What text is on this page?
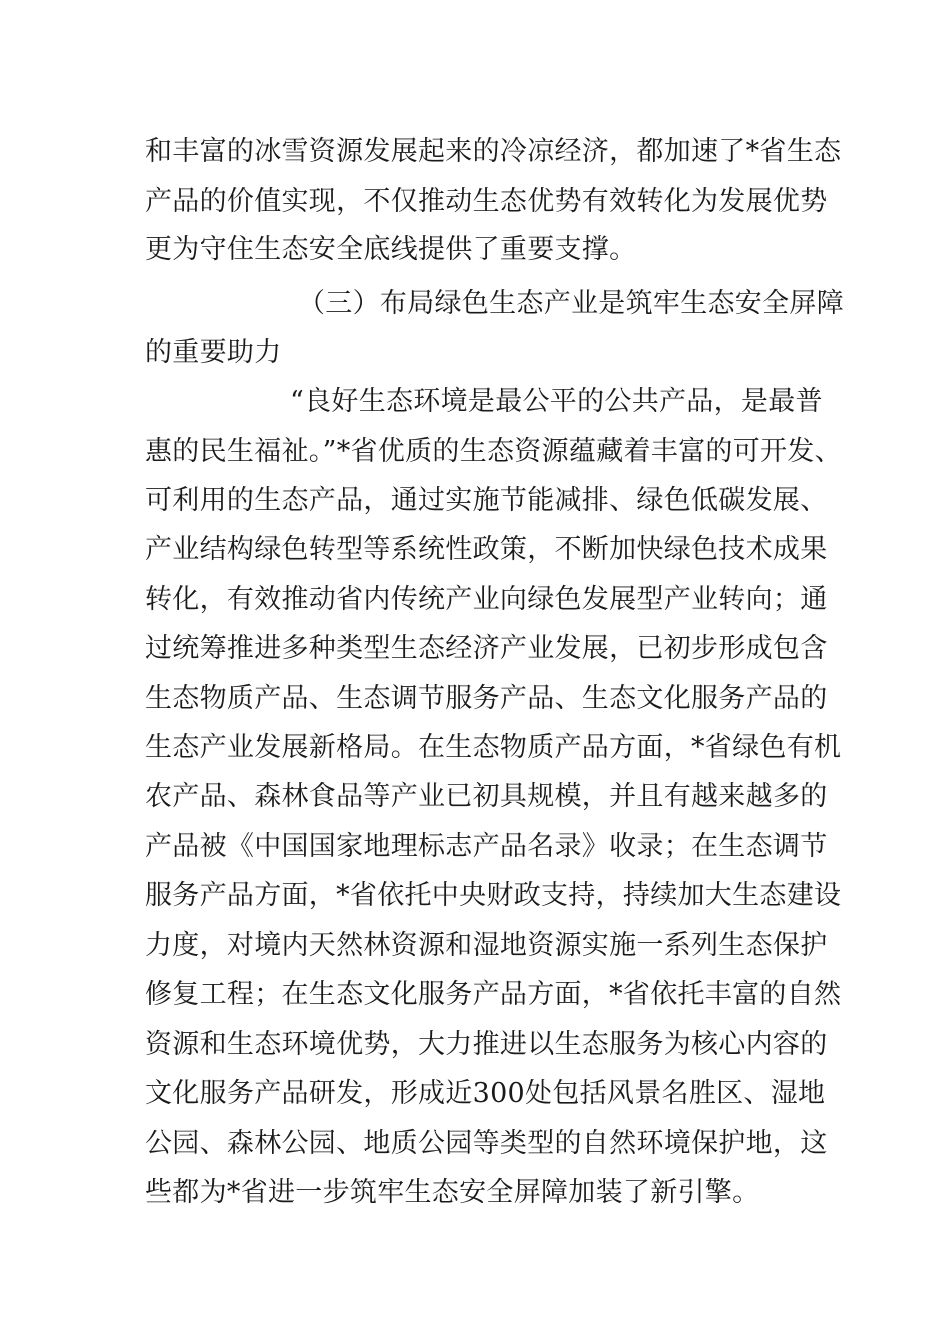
和丰富的冰雪资源发展起来的冷凉经济，都加速了*省生态
产品的价值实现，不仅推动生态优势有效转化为发展优势
更为守住生态安全底线提供了重要支撑。
（三）布局绿色生态产业是筑牢生态安全屏障
的重要助力
“良好生态环境是最公平的公共产品，是最普
惠的民生福祉。”*省优质的生态资源蕴藏着丰富的可开发、
可利用的生态产品，通过实施节能减排、绿色低碳发展、
产业结构绿色转型等系统性政策，不断加快绿色技术成果
转化，有效推动省内传统产业向绿色发展型产业转向；通
过统筹推进多种类型生态经济产业发展，已初步形成包含
生态物质产品、生态调节服务产品、生态文化服务产品的
生态产业发展新格局。在生态物质产品方面，*省绿色有机
农产品、森林食品等产业已初具规模，并且有越来越多的
产品被《中国国家地理标志产品名录》收录；在生态调节
服务产品方面，*省依托中央财政支持，持续加大生态建设
力度，对境内天然林资源和湿地资源实施一系列生态保护
修复工程；在生态文化服务产品方面，*省依托丰富的自然
资源和生态环境优势，大力推进以生态服务为核心内容的
文化服务产品研发，形成近300处包括风景名胜区、湿地
公园、森林公园、地质公园等类型的自然环境保护地，这
些都为*省进一步筑牢生态安全屏障加装了新引擎。
